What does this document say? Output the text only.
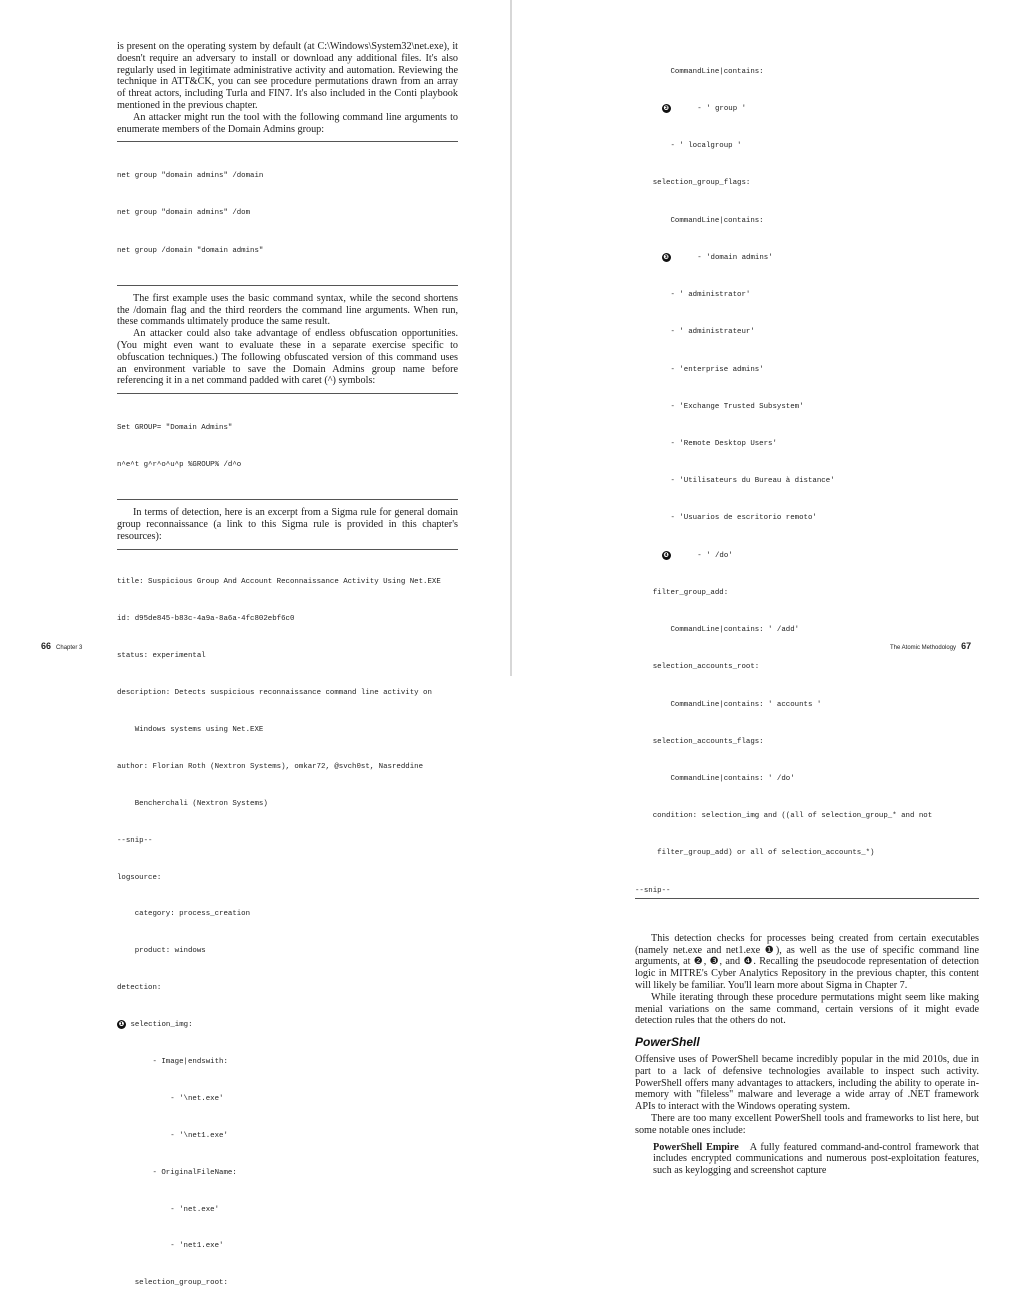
is present on the operating system by default (at C:\Windows\System32\net.exe), it doesn't require an adversary to install or download any additional files. It's also regularly used in legitimate administrative activity and automation. Reviewing the technique in ATT&CK, you can see procedure permutations drawn from an array of threat actors, including Turla and FIN7. It's also included in the Conti playbook mentioned in the previous chapter.

An attacker might run the tool with the following command line arguments to enumerate members of the Domain Admins group:

net group "domain admins" /domain

net group "domain admins" /dom

net group /domain "domain admins"

The first example uses the basic command syntax, while the second shortens the /domain flag and the third reorders the command line arguments. When run, these commands ultimately produce the same result.

An attacker could also take advantage of endless obfuscation opportunities. (You might even want to evaluate these in a separate exercise specific to obfuscation techniques.) The following obfuscated version of this command uses an environment variable to save the Domain Admins group name before referencing it in a net command padded with caret (^) symbols:

Set GROUP= "Domain Admins"

n^e^t g^r^o^u^p %GROUP% /d^o

In terms of detection, here is an excerpt from a Sigma rule for general domain group reconnaissance (a link to this Sigma rule is provided in this chapter's resources):

title: Suspicious Group And Account Reconnaissance Activity Using Net.EXE

id: d95de845-b83c-4a9a-8a6a-4fc802ebf6c0

status: experimental

description: Detects suspicious reconnaissance command line activity on

Windows systems using Net.EXE

author: Florian Roth (Nextron Systems), omkar72, @svch0st, Nasreddine

Bencherchali (Nextron Systems)

--snip--

logsource:

category: process_creation

product: windows

detection:

❶ selection_img:

- Image|endswith:

- '\net.exe'

- '\net1.exe'

- OriginalFileName:

- 'net.exe'

- 'net1.exe'

selection_group_root:

66 Chapter 3

CommandLine|contains:

❷      - ' group '

- ' localgroup '

selection_group_flags:

CommandLine|contains:

❸      - 'domain admins'

- ' administrator'

- ' administrateur'

- 'enterprise admins'

- 'Exchange Trusted Subsystem'

- 'Remote Desktop Users'

- 'Utilisateurs du Bureau à distance'

- 'Usuarios de escritorio remoto'

❹      - ' /do'

filter_group_add:

CommandLine|contains: ' /add'

selection_accounts_root:

CommandLine|contains: ' accounts '

selection_accounts_flags:

CommandLine|contains: ' /do'

condition: selection_img and ((all of selection_group_* and not

filter_group_add) or all of selection_accounts_*)

--snip--

This detection checks for processes being created from certain executables (namely net.exe and net1.exe ❶), as well as the use of specific command line arguments, at ❷, ❸, and ❹. Recalling the pseudocode representation of detection logic in MITRE's Cyber Analytics Repository in the previous chapter, this content will likely be familiar. You'll learn more about Sigma in Chapter 7.

While iterating through these procedure permutations might seem like making menial variations on the same command, certain versions of it might evade detection rules that the others do not.

PowerShell

Offensive uses of PowerShell became incredibly popular in the mid 2010s, due in part to a lack of defensive technologies available to inspect such activity. PowerShell offers many advantages to attackers, including the ability to operate in-memory with "fileless" malware and leverage a wide array of .NET framework APIs to interact with the Windows operating system.

There are too many excellent PowerShell tools and frameworks to list here, but some notable ones include:

PowerShell Empire A fully featured command-and-control framework that includes encrypted communications and numerous post-exploitation features, such as keylogging and screenshot capture

The Atomic Methodology 67
